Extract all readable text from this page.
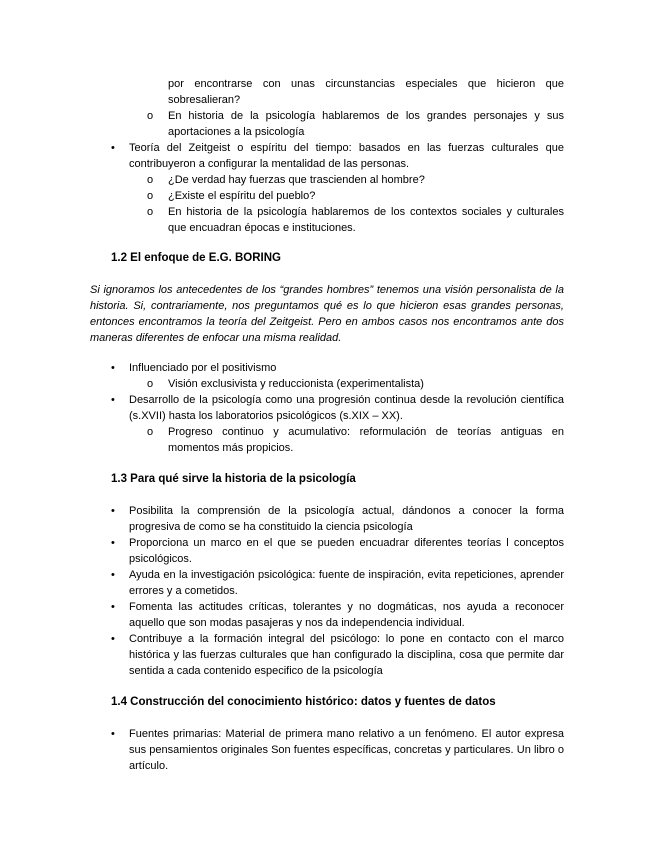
por encontrarse con unas circunstancias especiales que hicieron que sobresalieran?

o En historia de la psicología hablaremos de los grandes personajes y sus aportaciones a la psicología

• Teoría del Zeitgeist o espíritu del tiempo: basados en las fuerzas culturales que contribuyeron a configurar la mentalidad de las personas.

o ¿De verdad hay fuerzas que trascienden al hombre?

o ¿Existe el espíritu del pueblo?

o En historia de la psicología hablaremos de los contextos sociales y culturales que encuadran épocas e instituciones.

1.2 El enfoque de E.G. BORING

Si ignoramos los antecedentes de los “grandes hombres” tenemos una visión personalista de la historia. Si, contrariamente, nos preguntamos qué es lo que hicieron esas grandes personas, entonces encontramos la teoría del Zeitgeist. Pero en ambos casos nos encontramos ante dos maneras diferentes de enfocar una misma realidad.

• Influenciado por el positivismo

o Visión exclusivista y reduccionista (experimentalista)

• Desarrollo de la psicología como una progresión continua desde la revolución científica (s.XVII) hasta los laboratorios psicológicos (s.XIX – XX).

o Progreso continuo y acumulativo: reformulación de teorías antiguas en momentos más propicios.

1.3 Para qué sirve la historia de la psicología
• Posibilita la comprensión de la psicología actual, dándonos a conocer la forma progresiva de como se ha constituido la ciencia psicología

• Proporciona un marco en el que se pueden encuadrar diferentes teorías l conceptos psicológicos.

• Ayuda en la investigación psicológica: fuente de inspiración, evita repeticiones, aprender errores y a cometidos.

• Fomenta las actitudes críticas, tolerantes y no dogmáticas, nos ayuda a reconocer aquello que son modas pasajeras y nos da independencia individual.

• Contribuye a la formación integral del psicólogo: lo pone en contacto con el marco histórica y las fuerzas culturales que han configurado la disciplina, cosa que permite dar sentida a cada contenido especifico de la psicología

1.4 Construcción del conocimiento histórico: datos y fuentes de datos
• Fuentes primarias: Material de primera mano relativo a un fenómeno. El autor expresa sus pensamientos originales Son fuentes específicas, concretas y particulares. Un libro o artículo.
